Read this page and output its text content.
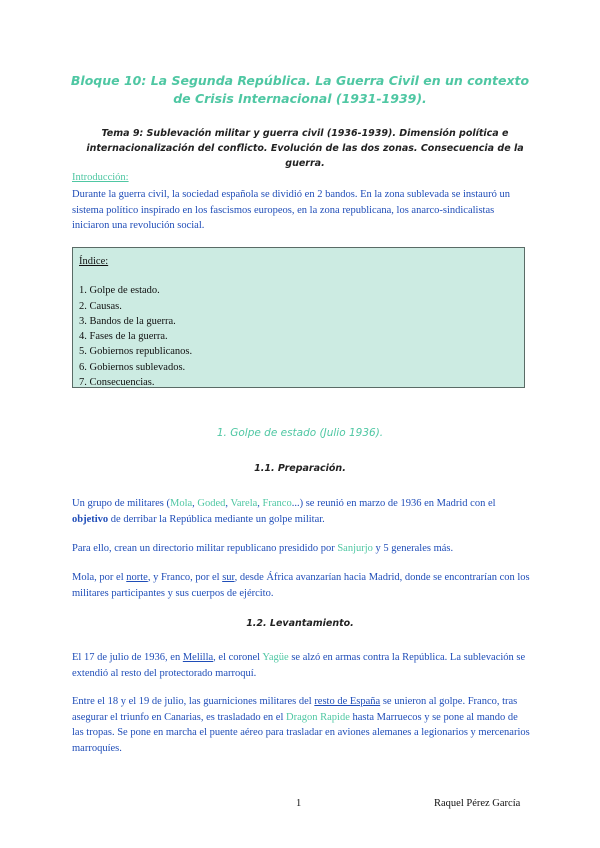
Bloque 10: La Segunda República. La Guerra Civil en un contexto de Crisis Internacional (1931-1939).
Tema 9: Sublevación militar y guerra civil (1936-1939). Dimensión política e internacionalización del conflicto. Evolución de las dos zonas. Consecuencia de la guerra.
Introducción:
Durante la guerra civil, la sociedad española se dividió en 2 bandos. En la zona sublevada se instauró un sistema político inspirado en los fascismos europeos, en la zona republicana, los anarco-sindicalistas iniciaron una revolución social.
Índice:
1. Golpe de estado.
2. Causas.
3. Bandos de la guerra.
4. Fases de la guerra.
5. Gobiernos republicanos.
6. Gobiernos sublevados.
7. Consecuencias.
1. Golpe de estado (Julio 1936).
1.1. Preparación.
Un grupo de militares (Mola, Goded, Varela, Franco...) se reunió en marzo de 1936 en Madrid con el objetivo de derribar la República mediante un golpe militar.
Para ello, crean un directorio militar republicano presidido por Sanjurjo y 5 generales más.
Mola, por el norte, y Franco, por el sur, desde África avanzarían hacia Madrid, donde se encontrarían con los militares participantes y sus cuerpos de ejército.
1.2. Levantamiento.
El 17 de julio de 1936, en Melilla, el coronel Yagüe se alzó en armas contra la República. La sublevación se extendió al resto del protectorado marroquí.
Entre el 18 y el 19 de julio, las guarniciones militares del resto de España se unieron al golpe. Franco, tras asegurar el triunfo en Canarias, es trasladado en el Dragon Rapide hasta Marruecos y se pone al mando de las tropas. Se pone en marcha el puente aéreo para trasladar en aviones alemanes a legionarios y mercenarios marroquíes.
1	Raquel Pérez García
